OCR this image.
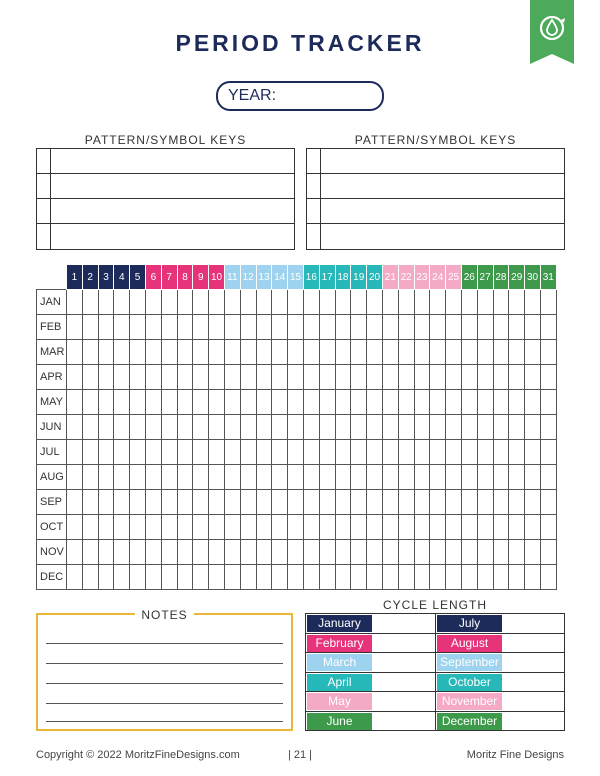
PERIOD TRACKER
YEAR:
PATTERN/SYMBOL KEYS	PATTERN/SYMBOL KEYS
	1	2	3	4	5	6	7	8	9	10	11	12	13	14	15	16	17	18	19	20	21	22	23	24	25	26	27	28	29	30	31
JAN																															
FEB																															
MAR																															
APR																															
MAY																															
JUN																															
JUL																															
AUG																															
SEP																															
OCT																															
NOV																															
DEC																															
NOTES
CYCLE LENGTH
January	July
February	August
March	September
April	October
May	November
June	December
Copyright © 2022 MoritzFineDesigns.com	| 21 |	Moritz Fine Designs
